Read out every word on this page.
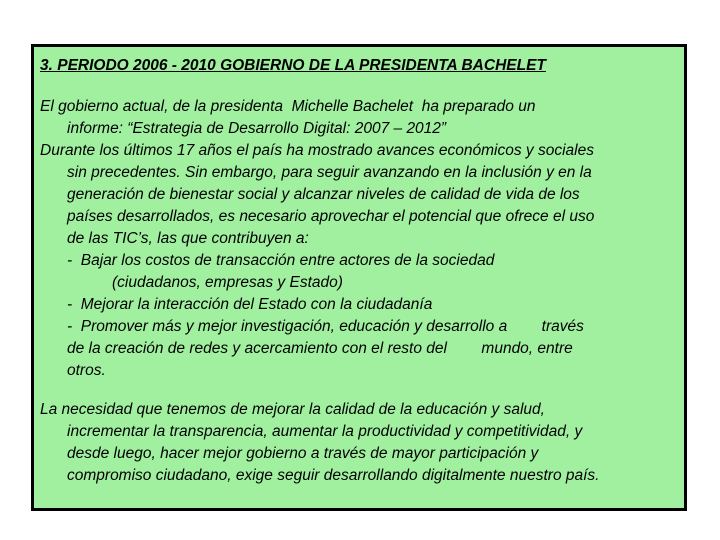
3. PERIODO 2006 - 2010 GOBIERNO DE LA PRESIDENTA BACHELET
El gobierno actual, de la presidenta  Michelle Bachelet  ha preparado un
informe: “Estrategia de Desarrollo Digital: 2007 – 2012”
Durante los últimos 17 años el país ha mostrado avances económicos y sociales
sin precedentes. Sin embargo, para seguir avanzando en la inclusión y en la
generación de bienestar social y alcanzar niveles de calidad de vida de los
países desarrollados, es necesario aprovechar el potencial que ofrece el uso
de las TIC’s, las que contribuyen a:
-  Bajar los costos de transacción entre actores de la sociedad
(ciudadanos, empresas y Estado)
-  Mejorar la interacción del Estado con la ciudadanía
-  Promover más y mejor investigación, educación y desarrollo a        través
de la creación de redes y acercamiento con el resto del        mundo, entre
otros.
La necesidad que tenemos de mejorar la calidad de la educación y salud,
incrementar la transparencia, aumentar la productividad y competitividad, y
desde luego, hacer mejor gobierno a través de mayor participación y
compromiso ciudadano, exige seguir desarrollando digitalmente nuestro país.
